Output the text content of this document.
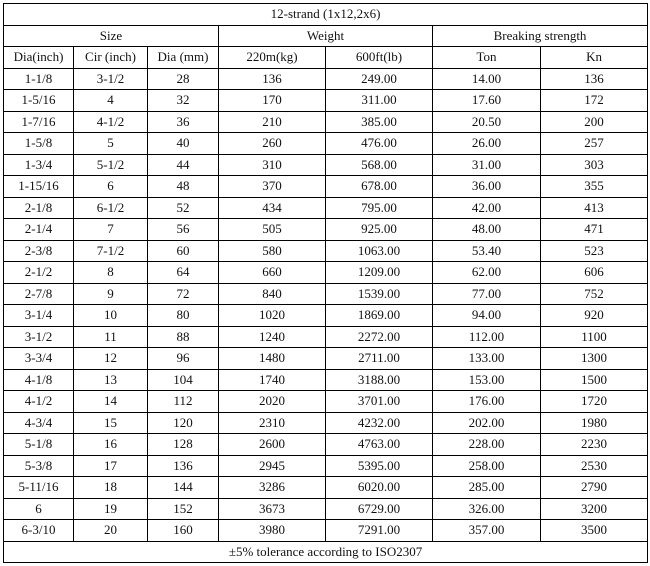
12-strand (1x12,2x6)						
Size			Weight		Breaking strength	
Dia(inch)	Cir (inch)	Dia (mm)	220m(kg)	600ft(lb)	Ton	Kn
1-1/8	3-1/2	28	136	249.00	14.00	136
1-5/16	4	32	170	311.00	17.60	172
1-7/16	4-1/2	36	210	385.00	20.50	200
1-5/8	5	40	260	476.00	26.00	257
1-3/4	5-1/2	44	310	568.00	31.00	303
1-15/16	6	48	370	678.00	36.00	355
2-1/8	6-1/2	52	434	795.00	42.00	413
2-1/4	7	56	505	925.00	48.00	471
2-3/8	7-1/2	60	580	1063.00	53.40	523
2-1/2	8	64	660	1209.00	62.00	606
2-7/8	9	72	840	1539.00	77.00	752
3-1/4	10	80	1020	1869.00	94.00	920
3-1/2	11	88	1240	2272.00	112.00	1100
3-3/4	12	96	1480	2711.00	133.00	1300
4-1/8	13	104	1740	3188.00	153.00	1500
4-1/2	14	112	2020	3701.00	176.00	1720
4-3/4	15	120	2310	4232.00	202.00	1980
5-1/8	16	128	2600	4763.00	228.00	2230
5-3/8	17	136	2945	5395.00	258.00	2530
5-11/16	18	144	3286	6020.00	285.00	2790
6	19	152	3673	6729.00	326.00	3200
6-3/10	20	160	3980	7291.00	357.00	3500
±5% tolerance according to ISO2307						
